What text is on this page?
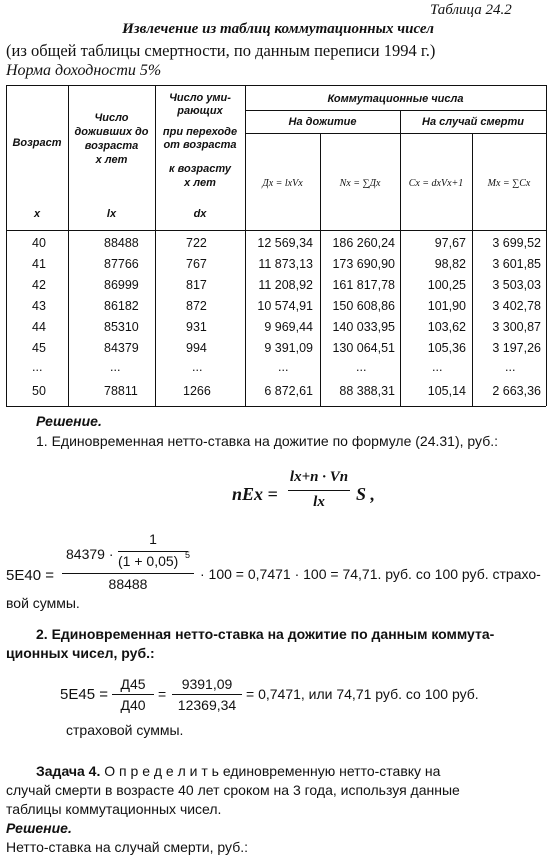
Таблица 24.2
Извлечение из таблиц коммутационных чисел
(из общей таблицы смертности, по данным переписи 1994 г.)
Норма доходности 5%
Возраст
x
Число
доживших до
возраста
x лет
lx
Число уми-
рающих
при переходе
от возраста
к возрасту
x лет
dx
Коммутационные числа
На дожитие	На случай смерти
Дx = lxVx	Nx = ∑Дx	Cx = dxVx+1	Mx = ∑Cx
40	88488	722	12 569,34	186 260,24	97,67	3 699,52
41	87766	767	11 873,13	173 690,90	98,82	3 601,85
42	86999	817	11 208,92	161 817,78	100,25	3 503,03
43	86182	872	10 574,91	150 608,86	101,90	3 402,78
44	85310	931	9 969,44	140 033,95	103,62	3 300,87
45	84379	994	9 391,09	130 064,51	105,36	3 197,26
...	...	...	...	...	...	...
50	78811	1266	6 872,61	88 388,31	105,14	2 663,36
Решение.
1. Единовременная нетто-ставка на дожитие по формуле (24.31), руб.:
nEx =
lx+n · Vn
lx	S ,
5E40 =
84379 ·
1
(1 + 0,05) 5
88488
· 100 = 0,7471 · 100 = 74,71. руб. со 100 руб. страхо-
вой суммы.
2. Единовременная нетто-ставка на дожитие по данным коммута-
ционных чисел, руб.:
5E45 =
Д45
Д40
=
9391,09
12369,34
= 0,7471, или 74,71 руб. со 100 руб.
страховой суммы.
Задача 4. О п р е д е л и т ь единовременную нетто-ставку на
случай смерти в возрасте 40 лет сроком на 3 года, используя данные
таблицы коммутационных чисел.
Решение.
Нетто-ставка на случай смерти, руб.:
